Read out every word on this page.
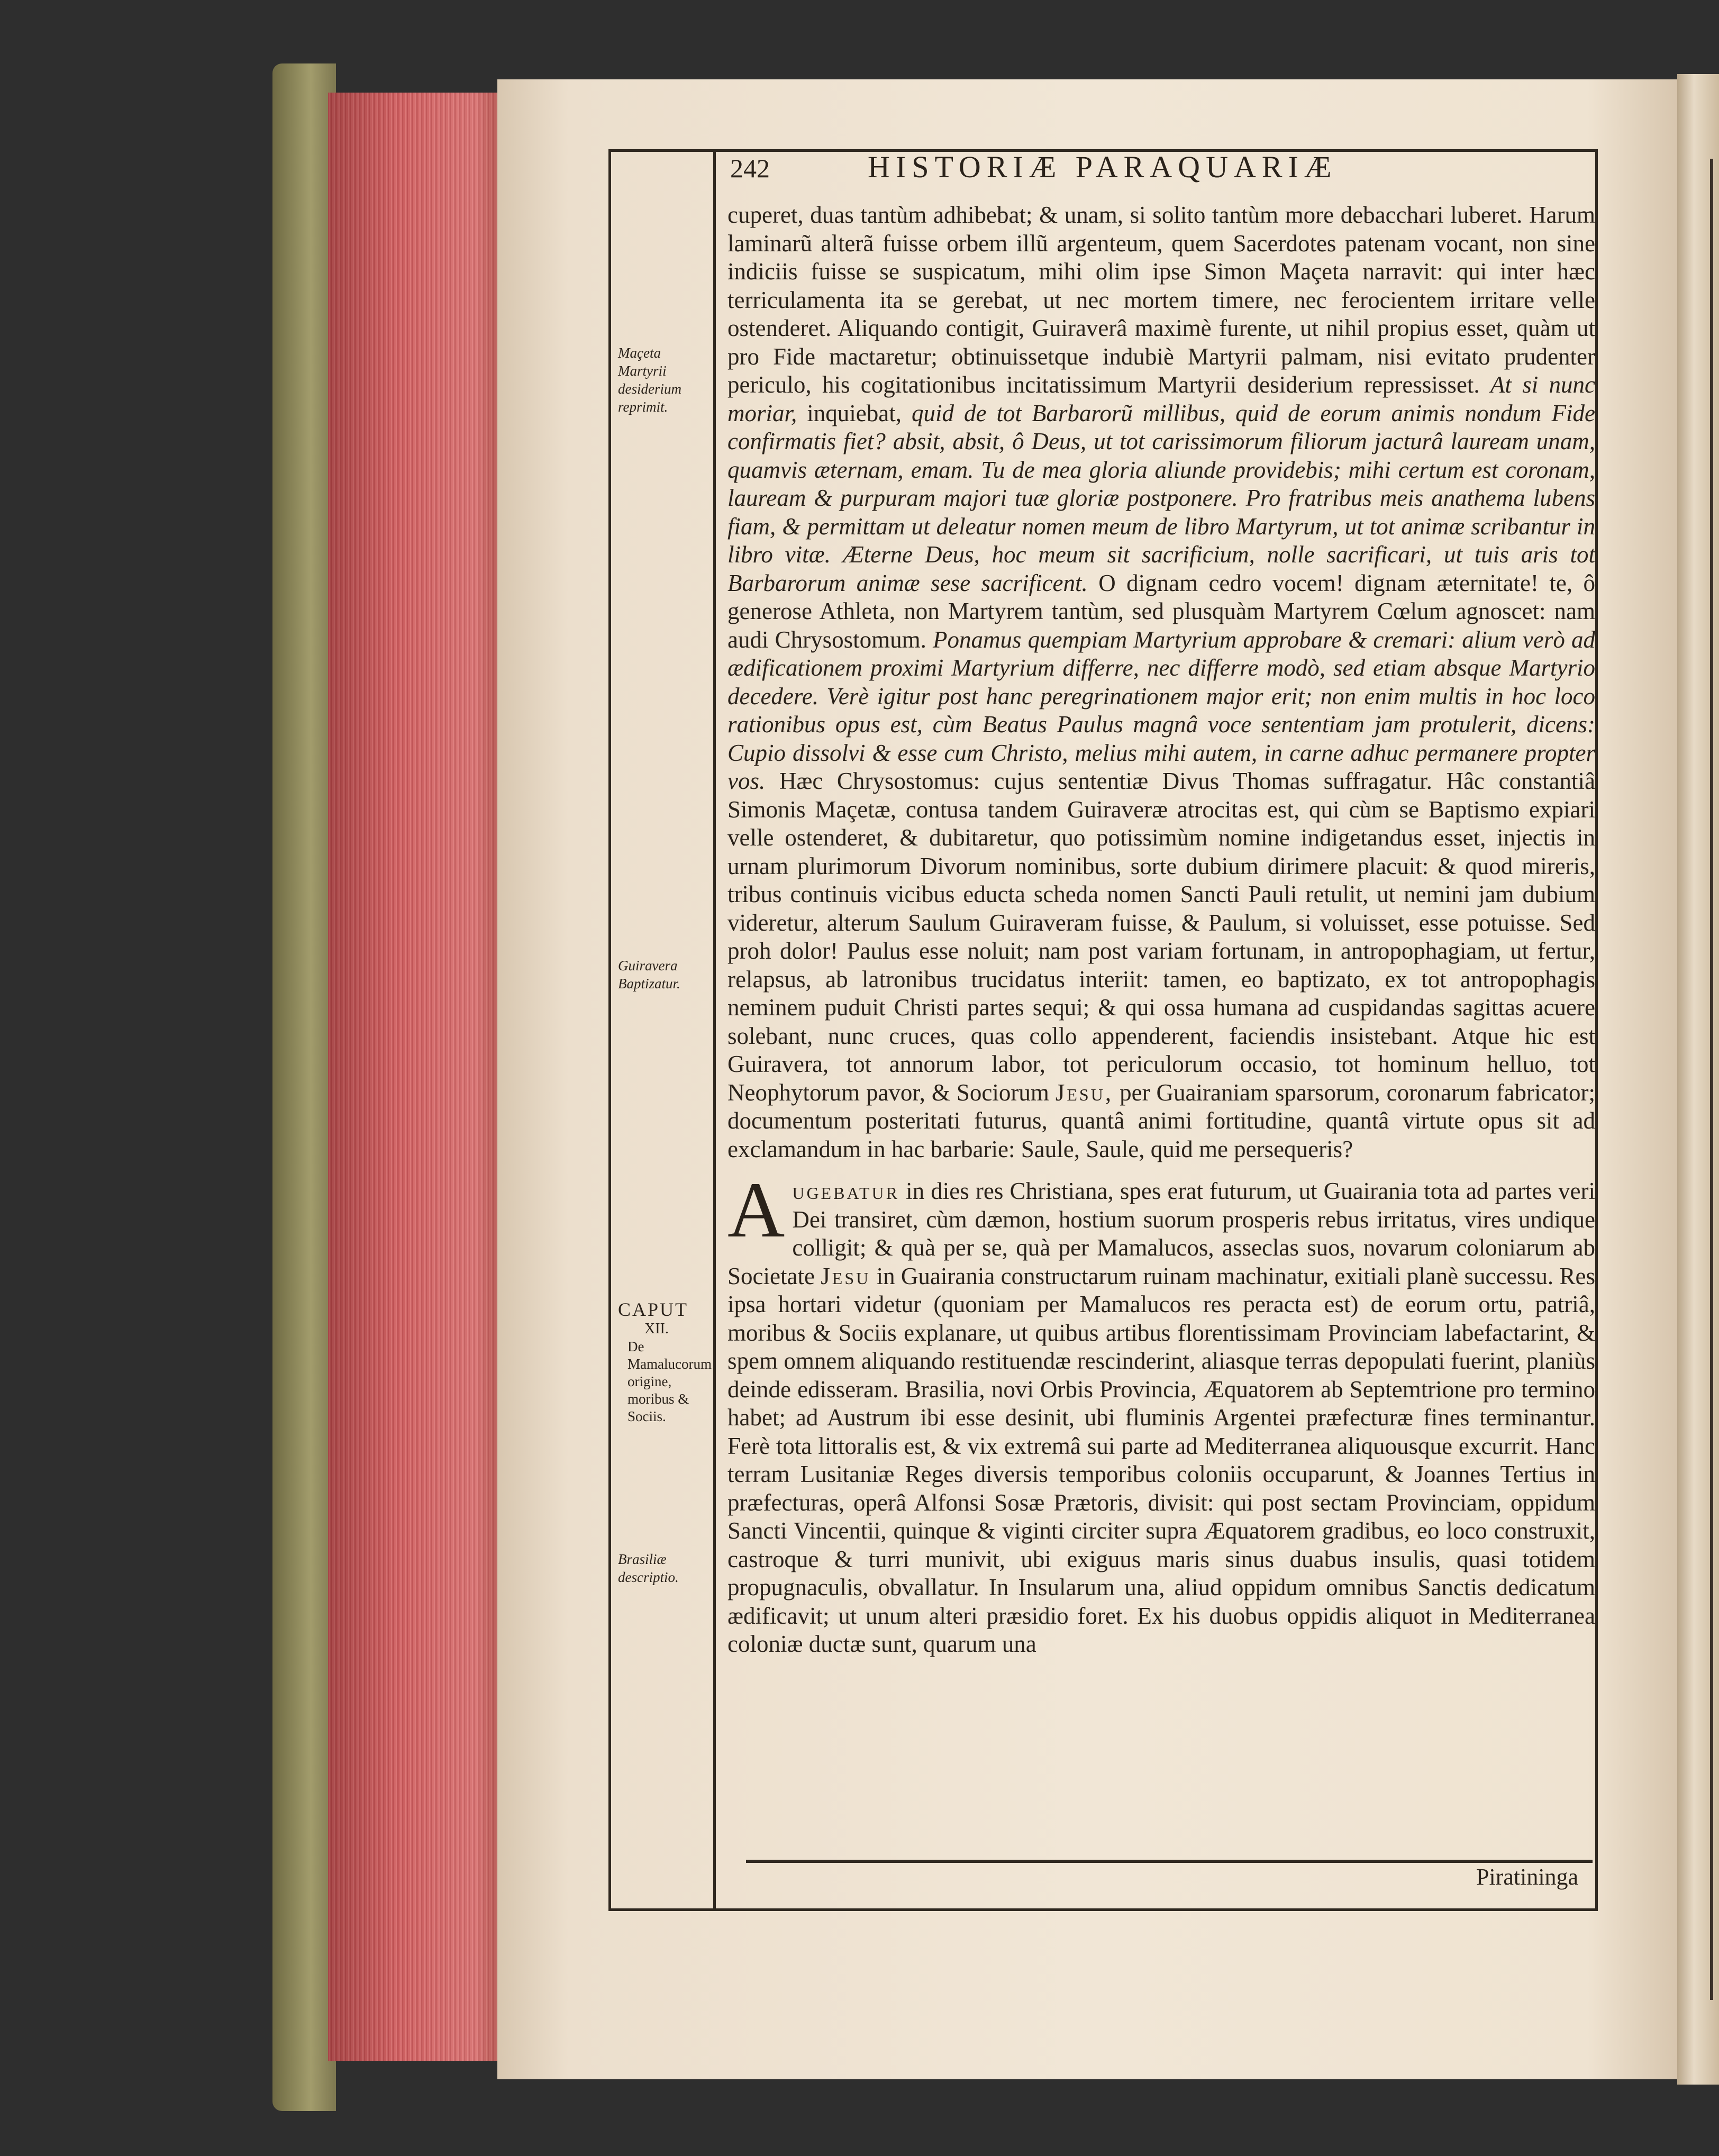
242	HISTORIÆ PARAQUARIÆ
Maçeta Martyrii desiderium reprimit.
Guiravera Baptizatur.
CAPUT
XII.
De Mamalucorum origine, moribus & Sociis.
Brasiliæ descriptio.

cuperet, duas tantùm adhibebat; & unam, si solito tantùm more debacchari luberet. Harum laminarũ alterã fuisse orbem illũ argenteum, quem Sacerdotes patenam vocant, non sine indiciis fuisse se suspicatum, mihi olim ipse Simon Maçeta narravit: qui inter hæc terriculamenta ita se gerebat, ut nec mortem timere, nec ferocientem irritare velle ostenderet. Aliquando contigit, Guiraverâ maximè furente, ut nihil propius esset, quàm ut pro Fide mactaretur; obtinuissetque indubiè Martyrii palmam, nisi evitato prudenter periculo, his cogitationibus incitatissimum Martyrii desiderium repressisset. At si nunc moriar, inquiebat, quid de tot Barbarorũ millibus, quid de eorum animis nondum Fide confirmatis fiet? absit, absit, ô Deus, ut tot carissimorum filiorum jacturâ lauream unam, quamvis æternam, emam. Tu de mea gloria aliunde providebis; mihi certum est coronam, lauream & purpuram majori tuæ gloriæ postponere. Pro fratribus meis anathema lubens fiam, & permittam ut deleatur nomen meum de libro Martyrum, ut tot animæ scribantur in libro vitæ. Æterne Deus, hoc meum sit sacrificium, nolle sacrificari, ut tuis aris tot Barbarorum animæ sese sacrificent. O dignam cedro vocem! dignam æternitate! te, ô generose Athleta, non Martyrem tantùm, sed plusquàm Martyrem Cœlum agnoscet: nam audi Chrysostomum. Ponamus quempiam Martyrium approbare & cremari: alium verò ad ædificationem proximi Martyrium differre, nec differre modò, sed etiam absque Martyrio decedere. Verè igitur post hanc peregrinationem major erit; non enim multis in hoc loco rationibus opus est, cùm Beatus Paulus magnâ voce sententiam jam protulerit, dicens: Cupio dissolvi & esse cum Christo, melius mihi autem, in carne adhuc permanere propter vos. Hæc Chrysostomus: cujus sententiæ Divus Thomas suffragatur. Hâc constantiâ Simonis Maçetæ, contusa tandem Guiraveræ atrocitas est, qui cùm se Baptismo expiari velle ostenderet, & dubitaretur, quo potissimùm nomine indigetandus esset, injectis in urnam plurimorum Divorum nominibus, sorte dubium dirimere placuit: & quod mireris, tribus continuis vicibus educta scheda nomen Sancti Pauli retulit, ut nemini jam dubium videretur, alterum Saulum Guiraveram fuisse, & Paulum, si voluisset, esse potuisse. Sed proh dolor! Paulus esse noluit; nam post variam fortunam, in antropophagiam, ut fertur, relapsus, ab latronibus trucidatus interiit: tamen, eo baptizato, ex tot antropophagis neminem puduit Christi partes sequi; & qui ossa humana ad cuspidandas sagittas acuere solebant, nunc cruces, quas collo appenderent, faciendis insistebant. Atque hic est Guiravera, tot annorum labor, tot periculorum occasio, tot hominum helluo, tot Neophytorum pavor, & Sociorum Jesu, per Guairaniam sparsorum, coronarum fabricator; documentum posteritati futurus, quantâ animi fortitudine, quantâ virtute opus sit ad exclamandum in hac barbarie: Saule, Saule, quid me persequeris?

A ugebatur in dies res Christiana, spes erat futurum, ut Guairania tota ad partes veri Dei transiret, cùm dæmon, hostium suorum prosperis rebus irritatus, vires undique colligit; & quà per se, quà per Mamalucos, asseclas suos, novarum coloniarum ab Societate Jesu in Guairania constructarum ruinam machinatur, exitiali planè successu. Res ipsa hortari videtur (quoniam per Mamalucos res peracta est) de eorum ortu, patriâ, moribus & Sociis explanare, ut quibus artibus florentissimam Provinciam labefactarint, & spem omnem aliquando restituendæ rescinderint, aliasque terras depopulati fuerint, planiùs deinde edisseram. Brasilia, novi Orbis Provincia, Æquatorem ab Septemtrione pro termino habet; ad Austrum ibi esse desinit, ubi fluminis Argentei præfecturæ fines terminantur. Ferè tota littoralis est, & vix extremâ sui parte ad Mediterranea aliquousque excurrit. Hanc terram Lusitaniæ Reges diversis temporibus coloniis occuparunt, & Joannes Tertius in præfecturas, operâ Alfonsi Sosæ Prætoris, divisit: qui post sectam Provinciam, oppidum Sancti Vincentii, quinque & viginti circiter supra Æquatorem gradibus, eo loco construxit, castroque & turri munivit, ubi exiguus maris sinus duabus insulis, quasi totidem propugnaculis, obvallatur. In Insularum una, aliud oppidum omnibus Sanctis dedicatum ædificavit; ut unum alteri præsidio foret. Ex his duobus oppidis aliquot in Mediterranea coloniæ ductæ sunt, quarum una

Piratininga
